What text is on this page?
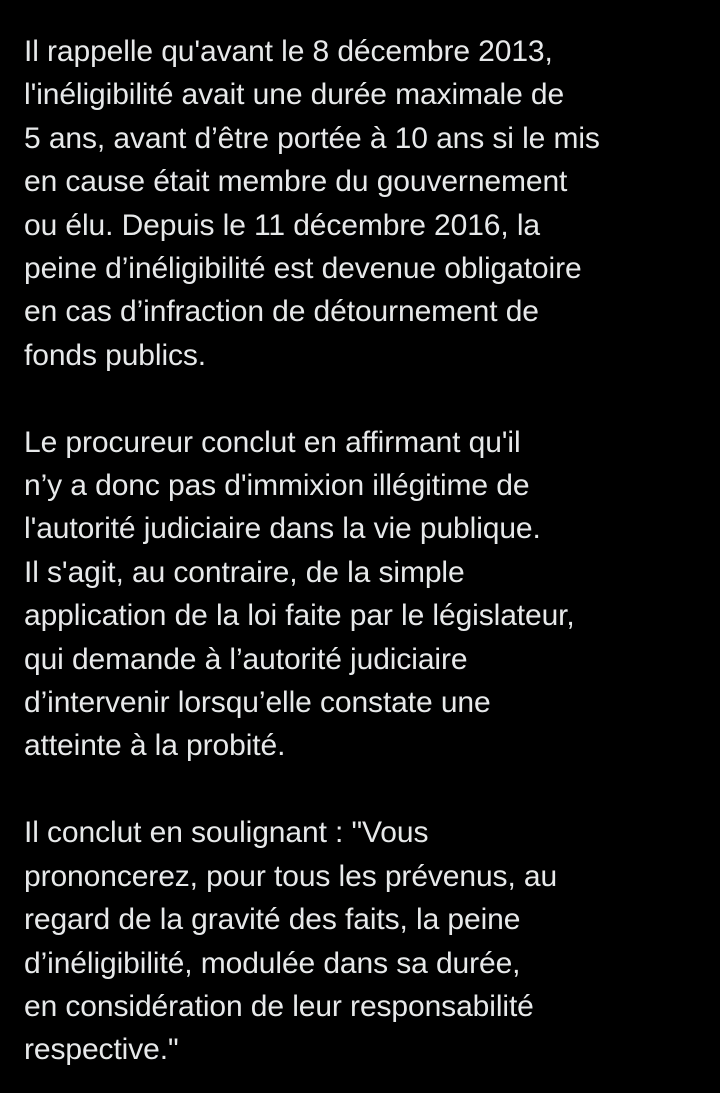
Il rappelle qu'avant le 8 décembre 2013,
l'inéligibilité avait une durée maximale de
5 ans, avant d’être portée à 10 ans si le mis
en cause était membre du gouvernement
ou élu. Depuis le 11 décembre 2016, la
peine d’inéligibilité est devenue obligatoire
en cas d’infraction de détournement de
fonds publics.

Le procureur conclut en affirmant qu'il
n’y a donc pas d'immixion illégitime de
l'autorité judiciaire dans la vie publique.
Il s'agit, au contraire, de la simple
application de la loi faite par le législateur,
qui demande à l’autorité judiciaire
d’intervenir lorsqu’elle constate une
atteinte à la probité.

Il conclut en soulignant : "Vous
prononcerez, pour tous les prévenus, au
regard de la gravité des faits, la peine
d’inéligibilité, modulée dans sa durée,
en considération de leur responsabilité
respective."
